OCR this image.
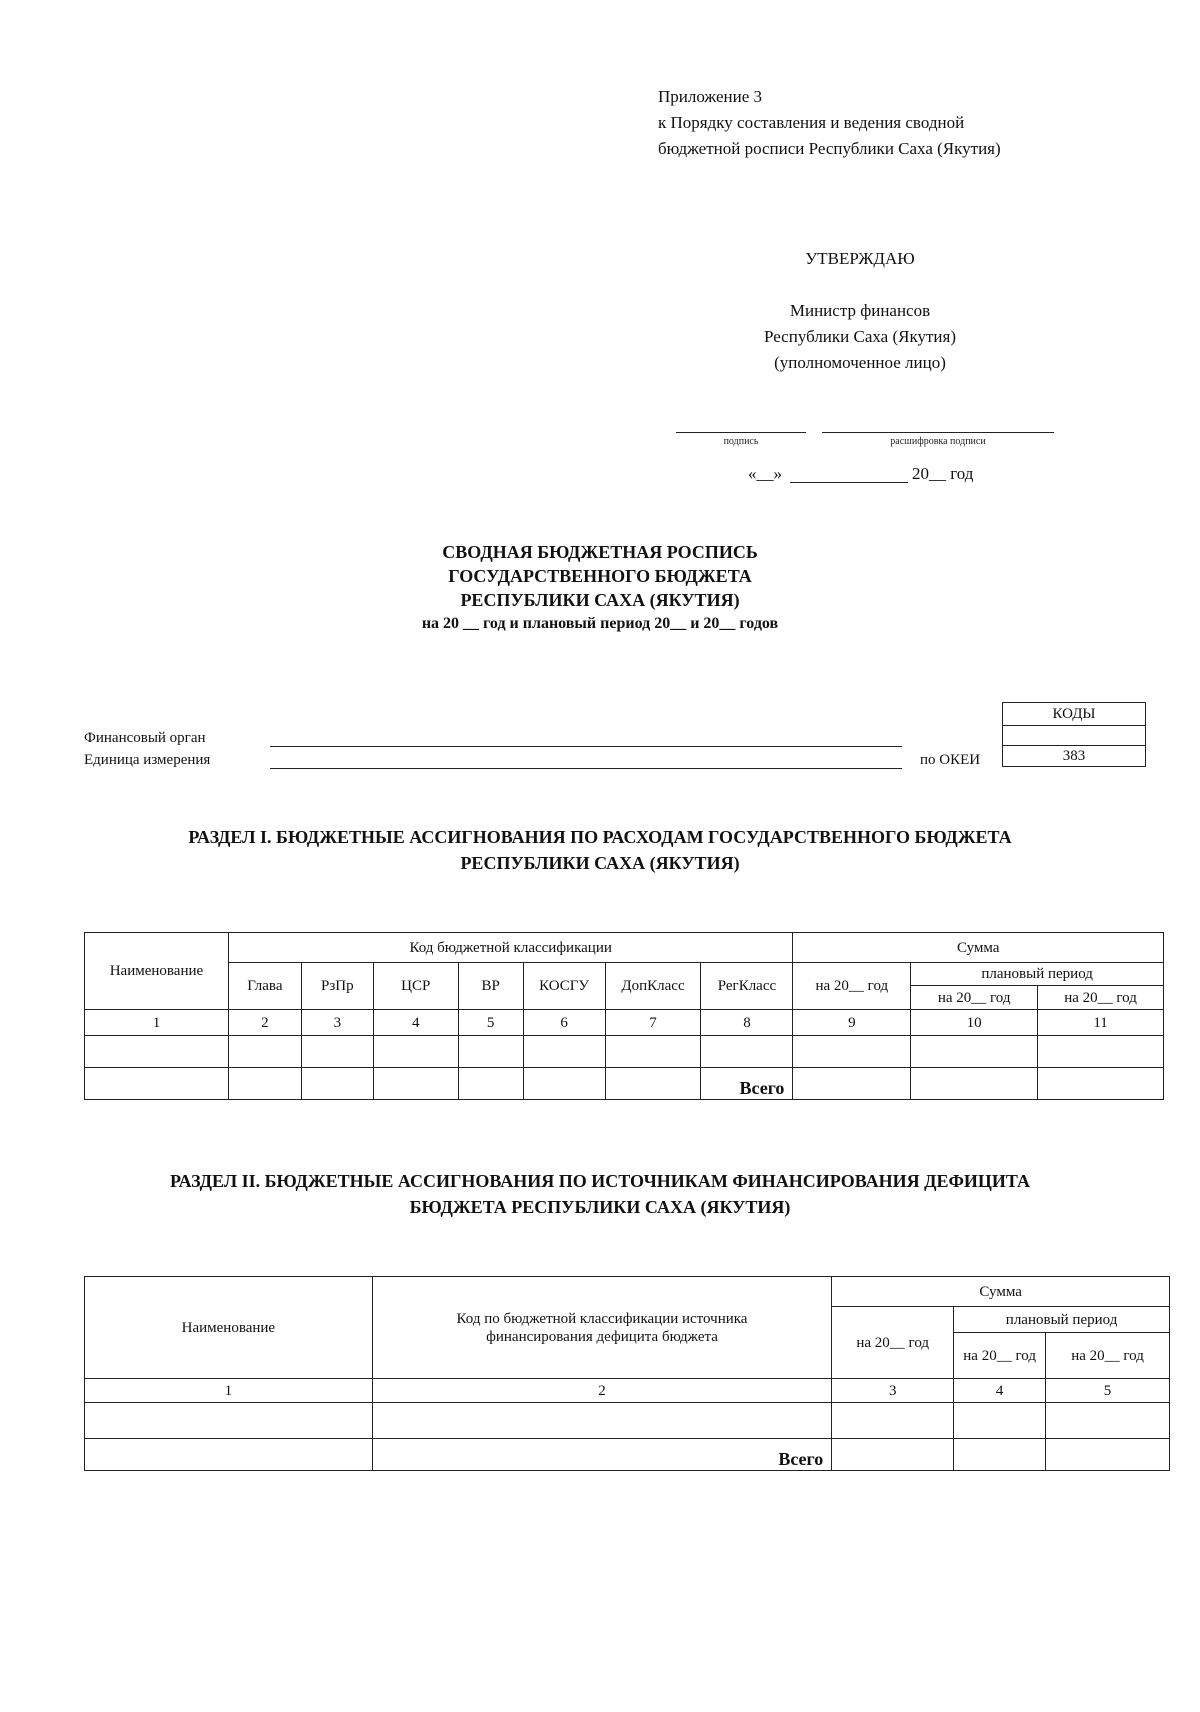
Приложение 3
к Порядку составления и ведения сводной
бюджетной росписи Республики Саха (Якутия)
УТВЕРЖДАЮ
Министр финансов
Республики Саха (Якутия)
(уполномоченное лицо)
подпись	расшифровка подписи
«__»	20__ год
СВОДНАЯ БЮДЖЕТНАЯ РОСПИСЬ
ГОСУДАРСТВЕННОГО БЮДЖЕТА
РЕСПУБЛИКИ САХА (ЯКУТИЯ)
на 20 __ год и плановый период 20__ и 20__ годов
Финансовый орган
Единица измерения	по ОКЕИ
КОДЫ

383
РАЗДЕЛ I. БЮДЖЕТНЫЕ АССИГНОВАНИЯ ПО РАСХОДАМ ГОСУДАРСТВЕННОГО БЮДЖЕТА
РЕСПУБЛИКИ САХА (ЯКУТИЯ)
Наименование	Код бюджетной классификации							Сумма		
	Глава	РзПр	ЦСР	ВР	КОСГУ	ДопКласс	РегКласс	на 20__ год	плановый период	
									на 20__ год	на 20__ год
1	2	3	4	5	6	7	8	9	10	11

							Всего			
РАЗДЕЛ II. БЮДЖЕТНЫЕ АССИГНОВАНИЯ ПО ИСТОЧНИКАМ ФИНАНСИРОВАНИЯ ДЕФИЦИТА
БЮДЖЕТА РЕСПУБЛИКИ САХА (ЯКУТИЯ)
Наименование	Код по бюджетной классификации источника
финансирования дефицита бюджета	Сумма		
		на 20__ год	плановый период	
			на 20__ год	на 20__ год
1	2	3	4	5

	Всего			
